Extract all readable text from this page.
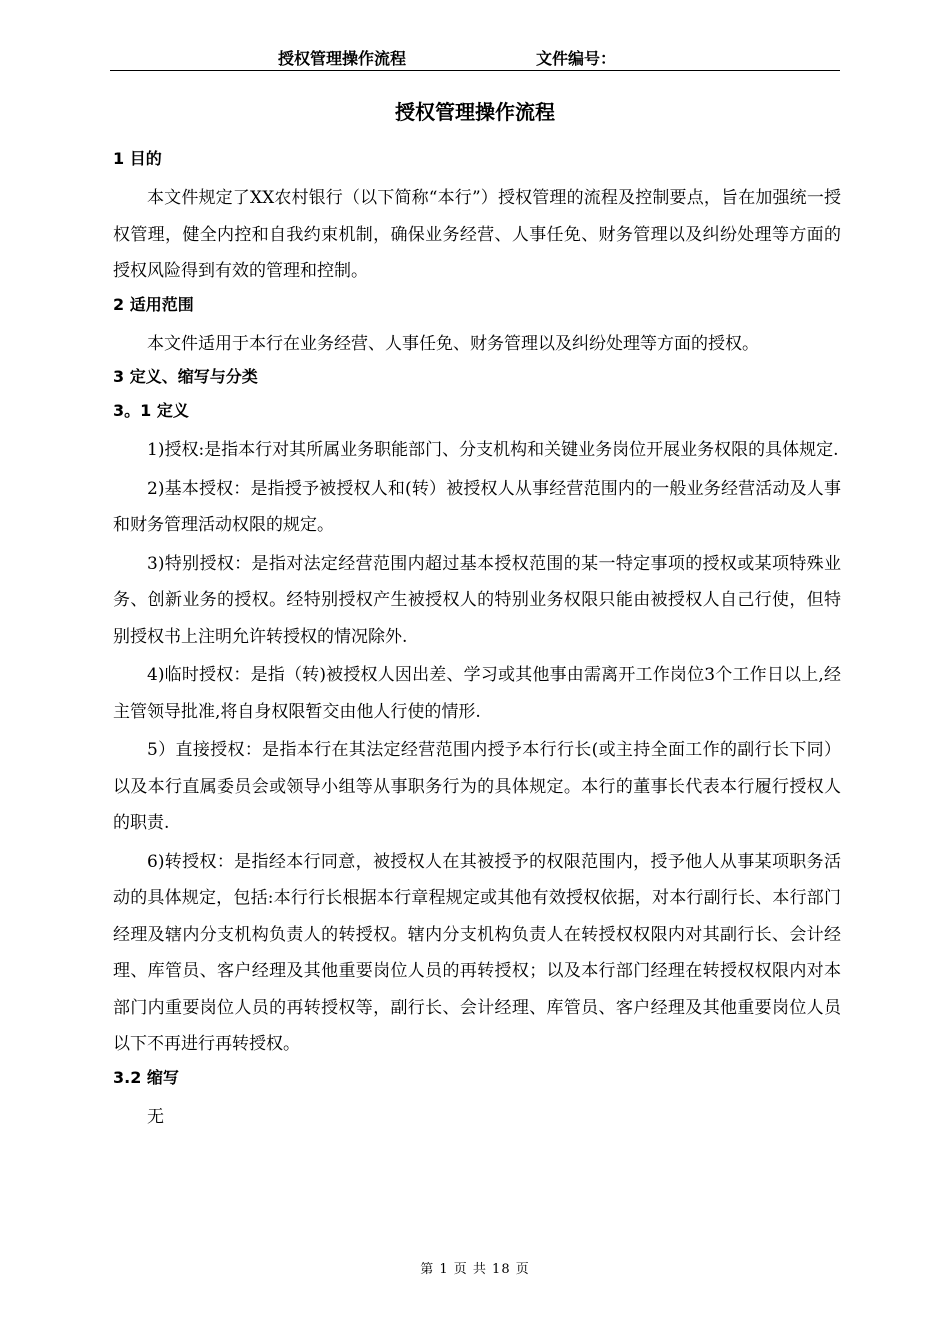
授权管理操作流程	文件编号：
授权管理操作流程
1 目的
本文件规定了XX农村银行（以下简称“本行”）授权管理的流程及控制要点，旨在加强统一授权管理，健全内控和自我约束机制，确保业务经营、人事任免、财务管理以及纠纷处理等方面的授权风险得到有效的管理和控制。
2 适用范围
本文件适用于本行在业务经营、人事任免、财务管理以及纠纷处理等方面的授权。
3 定义、缩写与分类
3。1 定义
1)授权:是指本行对其所属业务职能部门、分支机构和关键业务岗位开展业务权限的具体规定.
2)基本授权：是指授予被授权人和(转）被授权人从事经营范围内的一般业务经营活动及人事和财务管理活动权限的规定。
3)特别授权：是指对法定经营范围内超过基本授权范围的某一特定事项的授权或某项特殊业务、创新业务的授权。经特别授权产生被授权人的特别业务权限只能由被授权人自己行使，但特别授权书上注明允许转授权的情况除外.
4)临时授权：是指（转)被授权人因出差、学习或其他事由需离开工作岗位3个工作日以上,经主管领导批准,将自身权限暂交由他人行使的情形.
5）直接授权：是指本行在其法定经营范围内授予本行行长(或主持全面工作的副行长下同）以及本行直属委员会或领导小组等从事职务行为的具体规定。本行的董事长代表本行履行授权人的职责.
6)转授权：是指经本行同意，被授权人在其被授予的权限范围内，授予他人从事某项职务活动的具体规定，包括:本行行长根据本行章程规定或其他有效授权依据，对本行副行长、本行部门经理及辖内分支机构负责人的转授权。辖内分支机构负责人在转授权权限内对其副行长、会计经理、库管员、客户经理及其他重要岗位人员的再转授权；以及本行部门经理在转授权权限内对本部门内重要岗位人员的再转授权等，副行长、会计经理、库管员、客户经理及其他重要岗位人员以下不再进行再转授权。
3.2 缩写
无
第 1 页 共 18 页
